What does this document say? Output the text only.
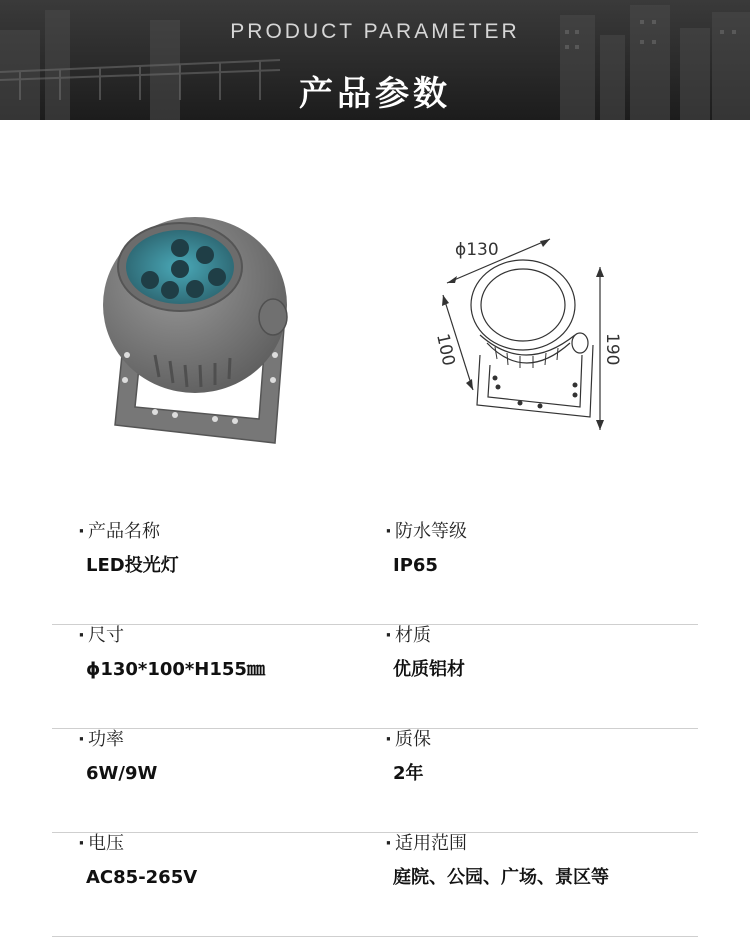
PRODUCT PARAMETER
产品参数
ϕ130
100	190
· 产品名称
LED投光灯
· 防水等级
IP65
· 尺寸
ϕ130*100*H155㎜
· 材质
优质铝材
· 功率
6W/9W
· 质保
2年
· 电压
AC85-265V
· 适用范围
庭院、公园、广场、景区等
